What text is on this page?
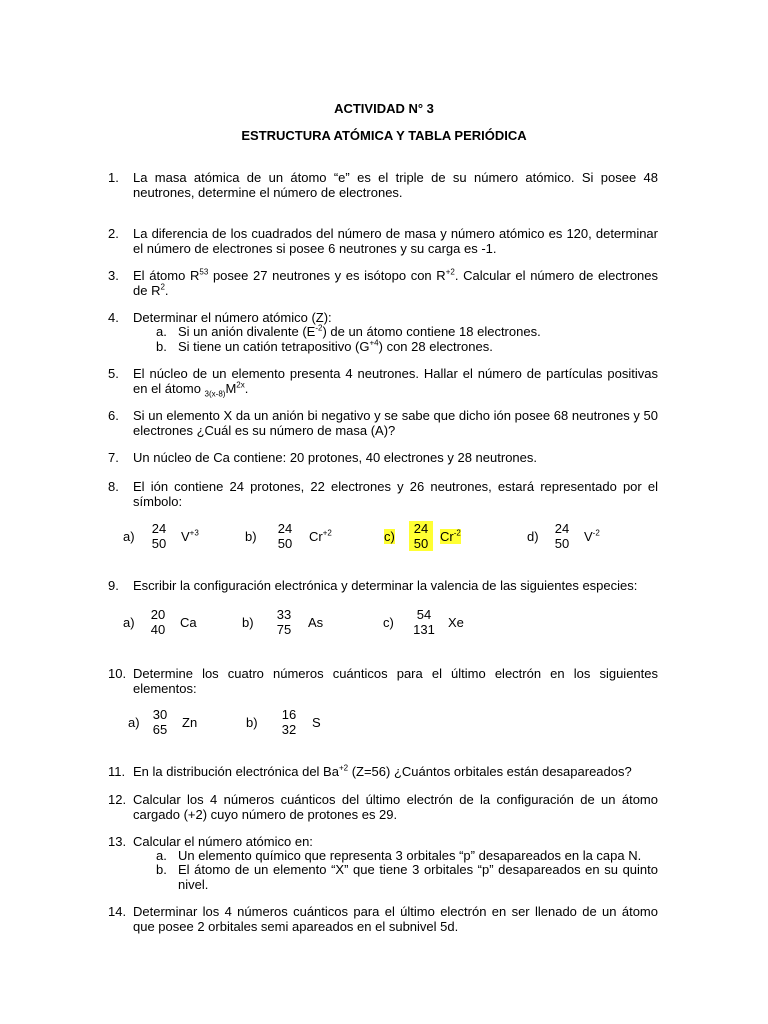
ACTIVIDAD N° 3
ESTRUCTURA ATÓMICA Y TABLA PERIÓDICA
1. La masa atómica de un átomo “e” es el triple de su número atómico. Si posee 48 neutrones, determine el número de electrones.
2. La diferencia de los cuadrados del número de masa y número atómico es 120, determinar el número de electrones si posee 6 neutrones y su carga es -1.
3. El átomo $R^{53}$ posee 27 neutrones y es isótopo con $R^{+2}$. Calcular el número de electrones de $R^2$.
4. Determinar el número atómico (Z):
a. Si un anión divalente $(E^{-2})$ de un átomo contiene 18 electrones.
b. Si tiene un catión tetrapositivo $(G^{+4})$ con 28 electrones.
5. El núcleo de un elemento presenta 4 neutrones. Hallar el número de partículas positivas en el átomo $_{3(x-8)}M^{2x}$.
6. Si un elemento X da un anión bi negativo y se sabe que dicho ión posee 68 neutrones y 50 electrones ¿Cuál es su número de masa (A)?
7. Un núcleo de Ca contiene: 20 protones, 40 electrones y 28 neutrones.
8. El ión contiene 24 protones, 22 electrones y 26 neutrones, estará representado por el símbolo:
a)
24
50	$V^{+3}$	b)
24
50	$Cr^{+2}$	c)
24
50 $Cr^{-2}$	d)
24
50	$V^{-2}$
9. Escribir la configuración electrónica y determinar la valencia de las siguientes especies:
a)
20
40	Ca	b)
33
75	As	c)
54
131 Xe
10. Determine los cuatro números cuánticos para el último electrón en los siguientes elementos:
a)
30
65	Zn	b)
16
32	S
11. En la distribución electrónica del $Ba^{+2}$ (Z=56) ¿Cuántos orbitales están desapareados?
12. Calcular los 4 números cuánticos del último electrón de la configuración de un átomo cargado (+2) cuyo número de protones es 29.
13. Calcular el número atómico en:
a. Un elemento químico que representa 3 orbitales “p” desapareados en la capa N.
b. El átomo de un elemento “X” que tiene 3 orbitales “p” desapareados en su quinto nivel.
14. Determinar los 4 números cuánticos para el último electrón en ser llenado de un átomo que posee 2 orbitales semi apareados en el subnivel 5d.
